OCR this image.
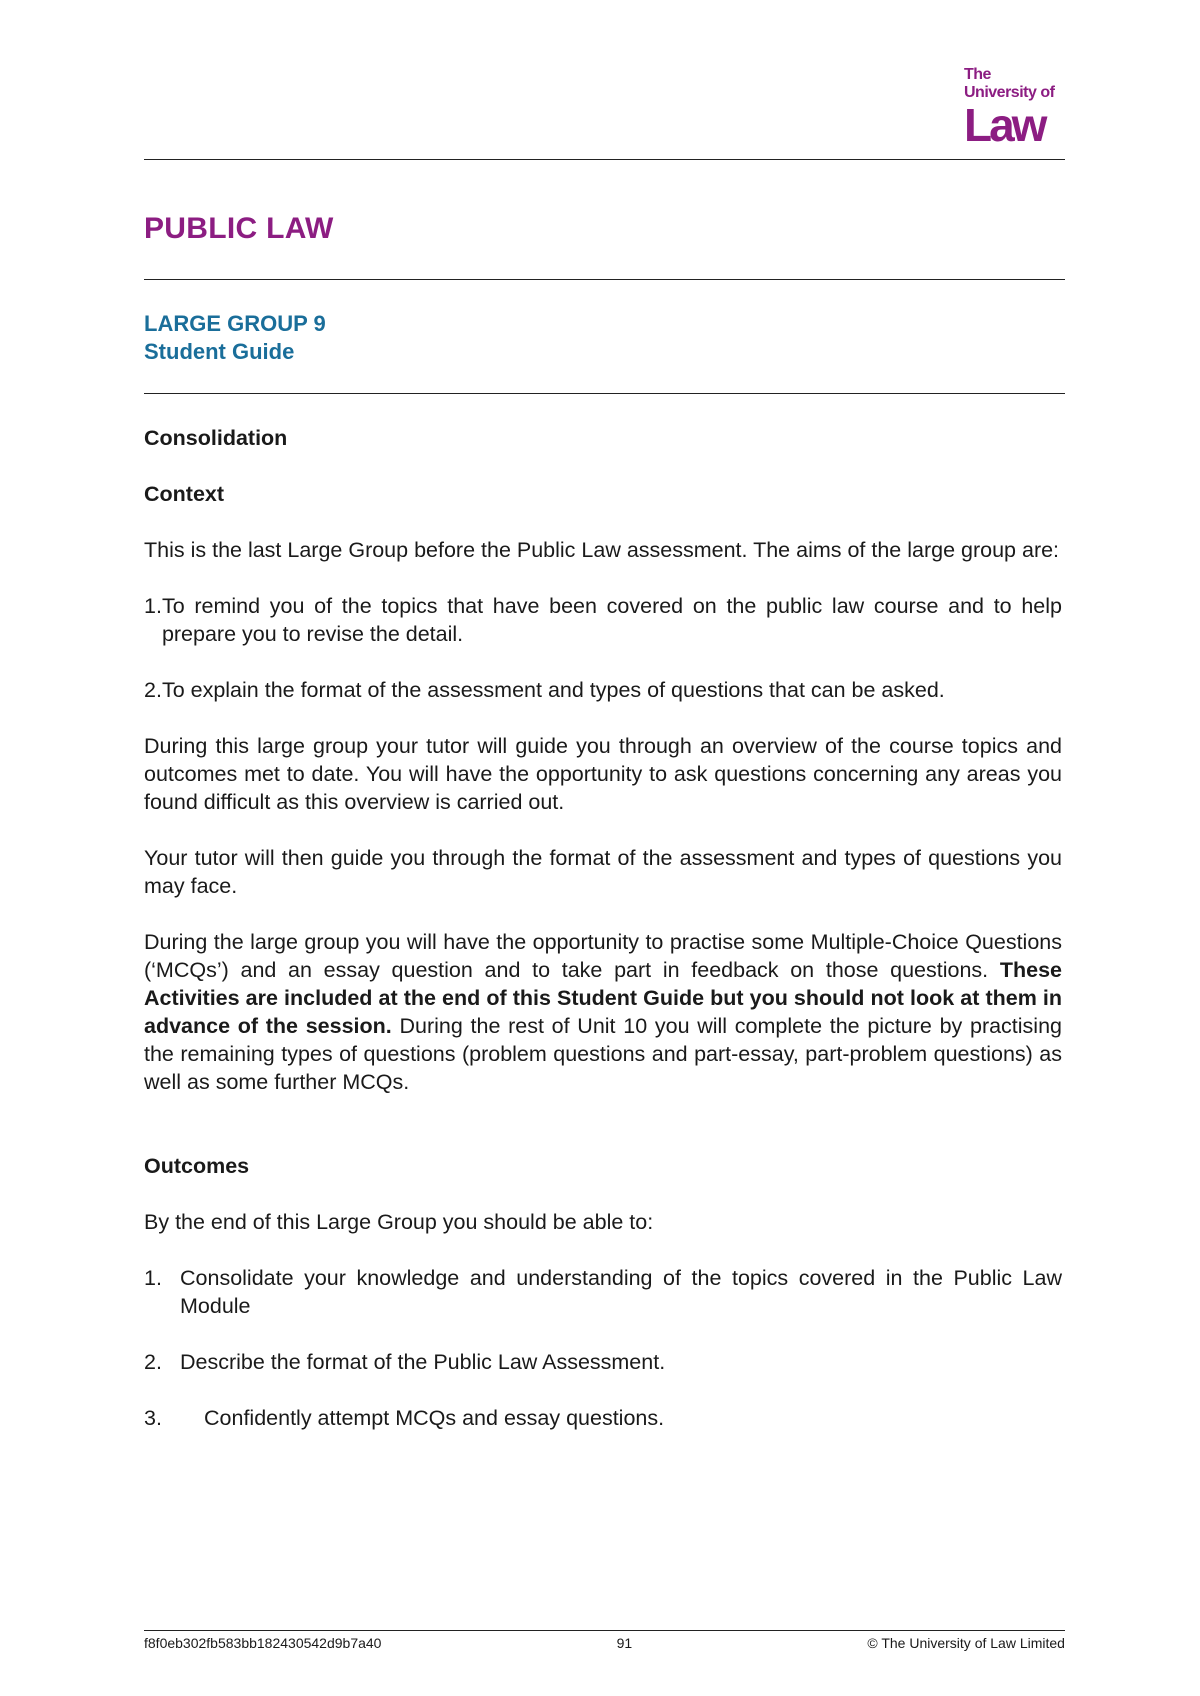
The
University of
Law
PUBLIC LAW
LARGE GROUP 9
Student Guide

Consolidation

Context

This is the last Large Group before the Public Law assessment. The aims of the large group are:

1. To remind you of the topics that have been covered on the public law course and to help prepare you to revise the detail.
2. To explain the format of the assessment and types of questions that can be asked.

During this large group your tutor will guide you through an overview of the course topics and outcomes met to date. You will have the opportunity to ask questions concerning any areas you found difficult as this overview is carried out.

Your tutor will then guide you through the format of the assessment and types of questions you may face.

During the large group you will have the opportunity to practise some Multiple-Choice Questions (‘MCQs’) and an essay question and to take part in feedback on those questions. These Activities are included at the end of this Student Guide but you should not look at them in advance of the session. During the rest of Unit 10 you will complete the picture by practising the remaining types of questions (problem questions and part-essay, part-problem questions) as well as some further MCQs.

Outcomes

By the end of this Large Group you should be able to:

1. Consolidate your knowledge and understanding of the topics covered in the Public Law Module
2. Describe the format of the Public Law Assessment.
3.	Confidently attempt MCQs and essay questions.
f8f0eb302fb583bb182430542d9b7a40	91	© The University of Law Limited
